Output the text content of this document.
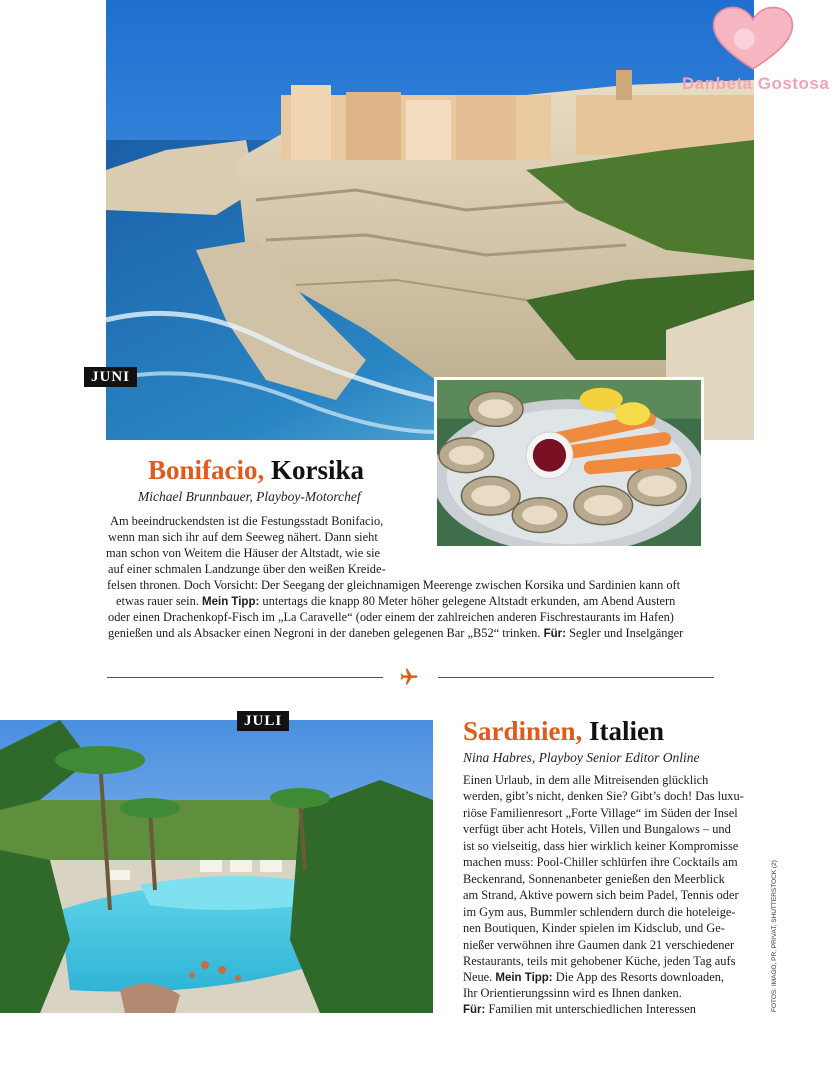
JUNI
Bonifacio, Korsika
Michael Brunnbauer, Playboy-Motorchef
Am beeindruckendsten ist die Festungsstadt Bonifacio,
wenn man sich ihr auf dem Seeweg nähert. Dann sieht
man schon von Weitem die Häuser der Altstadt, wie sie
auf einer schmalen Landzunge über den weißen Kreide-
felsen thronen. Doch Vorsicht: Der Seegang der gleichnamigen Meerenge zwischen Korsika und Sardinien kann oft
etwas rauer sein. Mein Tipp: untertags die knapp 80 Meter höher gelegene Altstadt erkunden, am Abend Austern
oder einen Drachenkopf-Fisch im „La Caravelle“ (oder einem der zahlreichen anderen Fischrestaurants im Hafen)
genießen und als Absacker einen Negroni in der daneben gelegenen Bar „B52“ trinken. Für: Segler und Inselgänger
JULI	Sardinien, Italien
Nina Habres, Playboy Senior Editor Online
Einen Urlaub, in dem alle Mitreisenden glücklich
werden, gibt’s nicht, denken Sie? Gibt’s doch! Das luxu-
riöse Familienresort „Forte Village“ im Süden der Insel
verfügt über acht Hotels, Villen und Bungalows – und
ist so vielseitig, dass hier wirklich keiner Kompromisse
machen muss: Pool-Chiller schlürfen ihre Cocktails am
Beckenrand, Sonnenanbeter genießen den Meerblick
am Strand, Aktive powern sich beim Padel, Tennis oder
im Gym aus, Bummler schlendern durch die hoteleige-
nen Boutiquen, Kinder spielen im Kidsclub, und Ge-
nießer verwöhnen ihre Gaumen dank 21 verschiedener
Restaurants, teils mit gehobener Küche, jeden Tag aufs
Neue. Mein Tipp: Die App des Resorts downloaden,
Ihr Orientierungssinn wird es Ihnen danken.
Für: Familien mit unterschiedlichen Interessen	FOTOS: IMAGO, PR, PRIVAT, SHUTTERSTOCK (2)
Danbeta Gostosa
